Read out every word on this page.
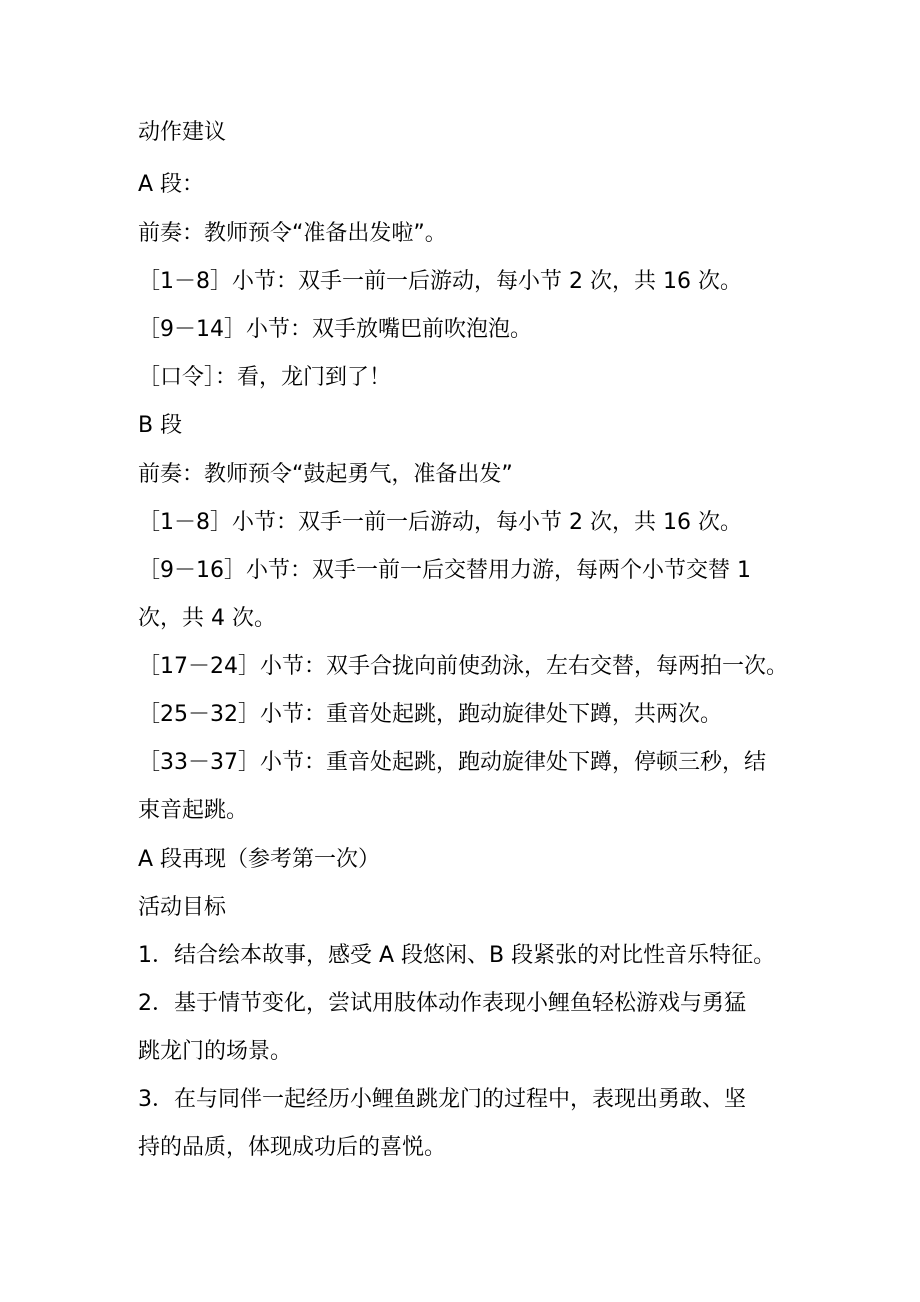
动作建议
A 段：
前奏：教师预令“准备出发啦”。
［1－8］小节：双手一前一后游动，每小节 2 次，共 16 次。
［9－14］小节：双手放嘴巴前吹泡泡。
［口令］：看，龙门到了！
B 段
前奏：教师预令“鼓起勇气，准备出发”
［1－8］小节：双手一前一后游动，每小节 2 次，共 16 次。
［9－16］小节：双手一前一后交替用力游，每两个小节交替 1
次，共 4 次。
［17－24］小节：双手合拢向前使劲泳，左右交替，每两拍一次。
［25－32］小节：重音处起跳，跑动旋律处下蹲，共两次。
［33－37］小节：重音处起跳，跑动旋律处下蹲，停顿三秒，结
束音起跳。
A 段再现（参考第一次）
活动目标
1．结合绘本故事，感受 A 段悠闲、B 段紧张的对比性音乐特征。
2．基于情节变化，尝试用肢体动作表现小鲤鱼轻松游戏与勇猛
跳龙门的场景。
3．在与同伴一起经历小鲤鱼跳龙门的过程中，表现出勇敢、坚
持的品质，体现成功后的喜悦。
